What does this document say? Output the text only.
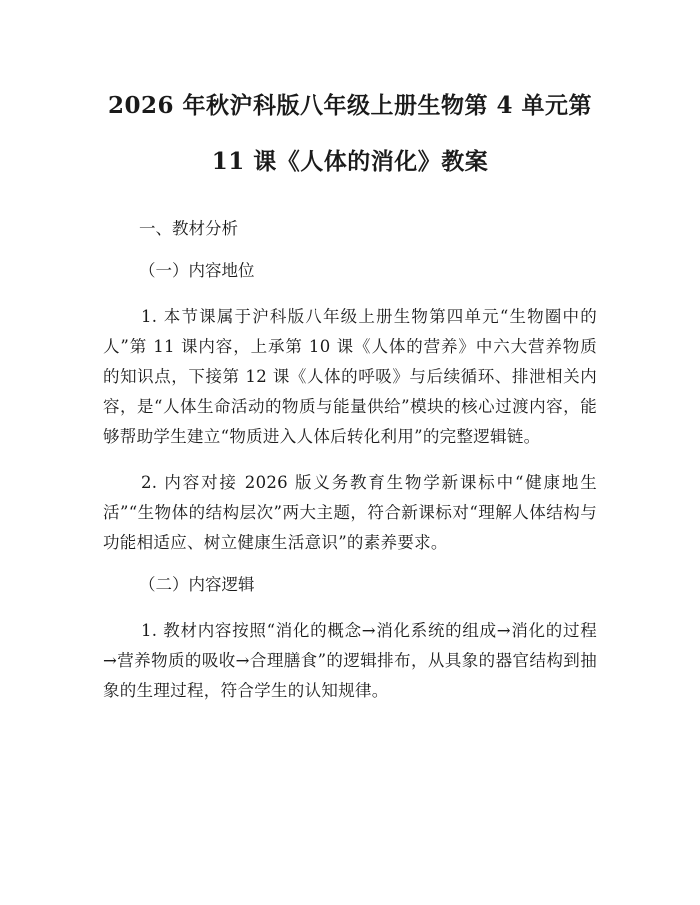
2026 年秋沪科版八年级上册生物第 4 单元第
11 课《人体的消化》教案
一、教材分析
（一）内容地位

1. 本节课属于沪科版八年级上册生物第四单元“生物圈中的人”第 11 课内容，上承第 10 课《人体的营养》中六大营养物质的知识点，下接第 12 课《人体的呼吸》与后续循环、排泄相关内容，是“人体生命活动的物质与能量供给”模块的核心过渡内容，能够帮助学生建立“物质进入人体后转化利用”的完整逻辑链。

2. 内容对接 2026 版义务教育生物学新课标中“健康地生活”“生物体的结构层次”两大主题，符合新课标对“理解人体结构与功能相适应、树立健康生活意识”的素养要求。

（二）内容逻辑

1. 教材内容按照“消化的概念→消化系统的组成→消化的过程→营养物质的吸收→合理膳食”的逻辑排布，从具象的器官结构到抽象的生理过程，符合学生的认知规律。
